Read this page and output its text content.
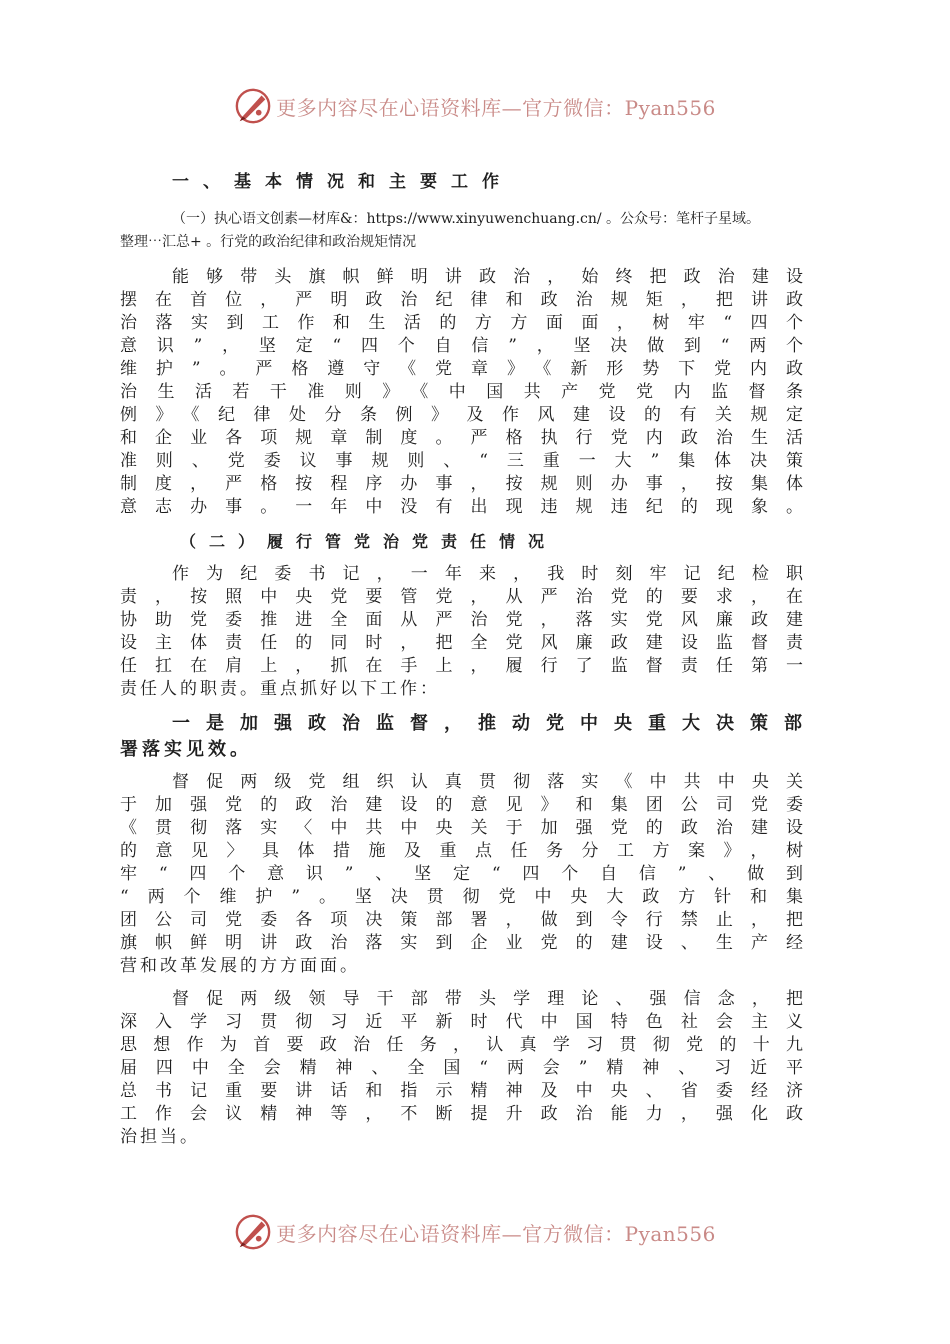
更多内容尽在心语资料库—官方微信：Pyan556
一、基本情况和主要工作
（一）执心语文创素—材库&：https://www.xinyuwenchuang.cn/ 。公众号：笔杆子星域。
整理⋯汇总+ 。行党的政治纪律和政治规矩情况
能够带头旗帜鲜明讲政治，始终把政治建设
摆在首位，严明政治纪律和政治规矩，把讲政
治落实到工作和生活的方方面面，树牢“四个
意识”，坚定“四个自信”，坚决做到“两个
维护”。严格遵守《党章》《新形势下党内政
治生活若干准则》《中国共产党党内监督条
例》《纪律处分条例》及作风建设的有关规定
和企业各项规章制度。严格执行党内政治生活
准则、党委议事规则、“三重一大”集体决策
制度，严格按程序办事，按规则办事，按集体
意志办事。一年中没有出现违规违纪的现象。
（二）履行管党治党责任情况
作为纪委书记，一年来，我时刻牢记纪检职
责，按照中央党要管党，从严治党的要求，在
协助党委推进全面从严治党，落实党风廉政建
设主体责任的同时，把全党风廉政建设监督责
任扛在肩上，抓在手上，履行了监督责任第一
责任人的职责。重点抓好以下工作：
一是加强政治监督，推动党中央重大决策部
署落实见效。
督促两级党组织认真贯彻落实《中共中央关
于加强党的政治建设的意见》和集团公司党委
《贯彻落实〈中共中央关于加强党的政治建设
的意见〉具体措施及重点任务分工方案》，树
牢“四个意识”、坚定“四个自信”、做到
“两个维护”。坚决贯彻党中央大政方针和集
团公司党委各项决策部署，做到令行禁止，把
旗帜鲜明讲政治落实到企业党的建设、生产经
营和改革发展的方方面面。
督促两级领导干部带头学理论、强信念，把
深入学习贯彻习近平新时代中国特色社会主义
思想作为首要政治任务，认真学习贯彻党的十九
届四中全会精神、全国“两会”精神、习近平
总书记重要讲话和指示精神及中央、省委经济
工作会议精神等，不断提升政治能力，强化政
治担当。
更多内容尽在心语资料库—官方微信：Pyan556
